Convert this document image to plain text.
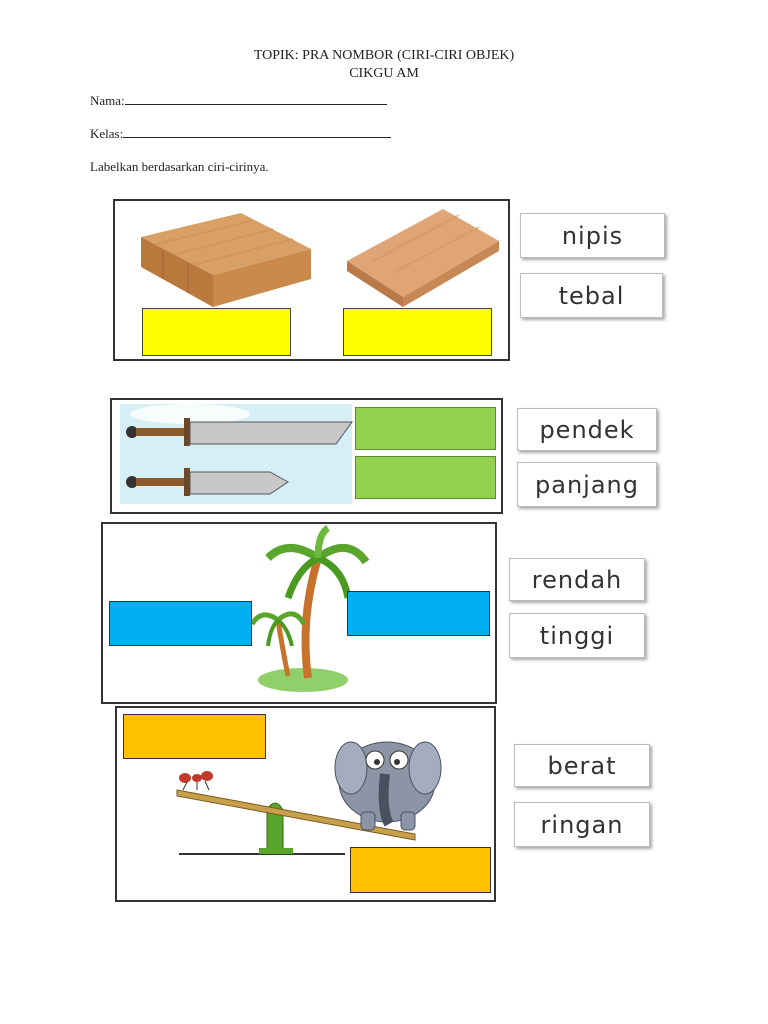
TOPIK: PRA NOMBOR (CIRI-CIRI OBJEK)
CIKGU AM
Nama:
Kelas:
Labelkan berdasarkan ciri-cirinya.
nipis
tebal
pendek
panjang
rendah
tinggi
berat
ringan
